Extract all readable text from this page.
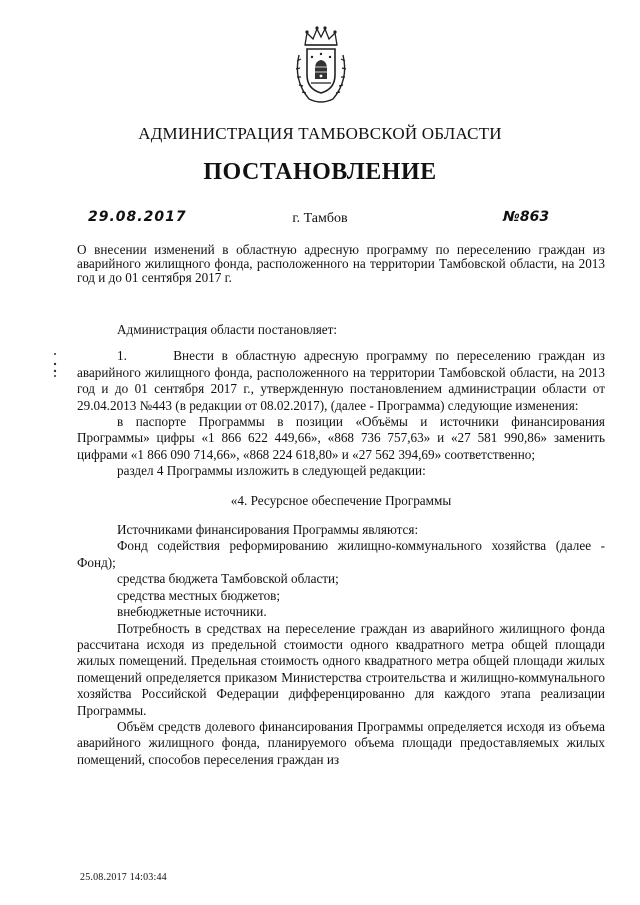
АДМИНИСТРАЦИЯ ТАМБОВСКОЙ ОБЛАСТИ
ПОСТАНОВЛЕНИЕ
29.08.2017	г. Тамбов	№863
О внесении изменений в областную адресную программу по переселению граждан из аварийного жилищного фонда, расположенного на территории Тамбовской области, на 2013 год и до 01 сентября 2017 г.

Администрация области постановляет:

1.      Внести в областную адресную программу по переселению граждан из аварийного жилищного фонда, расположенного на территории Тамбовской области, на 2013 год и до 01 сентября 2017 г., утвержденную постановлением администрации области от 29.04.2013 №443 (в редакции от 08.02.2017), (далее - Программа) следующие изменения:

в паспорте Программы в позиции «Объёмы и источники финансирования Программы» цифры «1 866 622 449,66», «868 736 757,63» и «27 581 990,86» заменить цифрами «1 866 090 714,66», «868 224 618,80» и «27 562 394,69» соответственно;

раздел 4 Программы изложить в следующей редакции:

«4. Ресурсное обеспечение Программы

Источниками финансирования Программы являются:

Фонд содействия реформированию жилищно-коммунального хозяйства (далее - Фонд);

средства бюджета Тамбовской области;

средства местных бюджетов;

внебюджетные источники.

Потребность в средствах на переселение граждан из аварийного жилищного фонда рассчитана исходя из предельной стоимости одного квадратного метра общей площади жилых помещений. Предельная стоимость одного квадратного метра общей площади жилых помещений определяется приказом Министерства строительства и жилищно-коммунального хозяйства Российской Федерации дифференцированно для каждого этапа реализации Программы.

Объём средств долевого финансирования Программы определяется исходя из объема аварийного жилищного фонда, планируемого объема площади предоставляемых жилых помещений, способов переселения граждан из

25.08.2017 14:03:44
